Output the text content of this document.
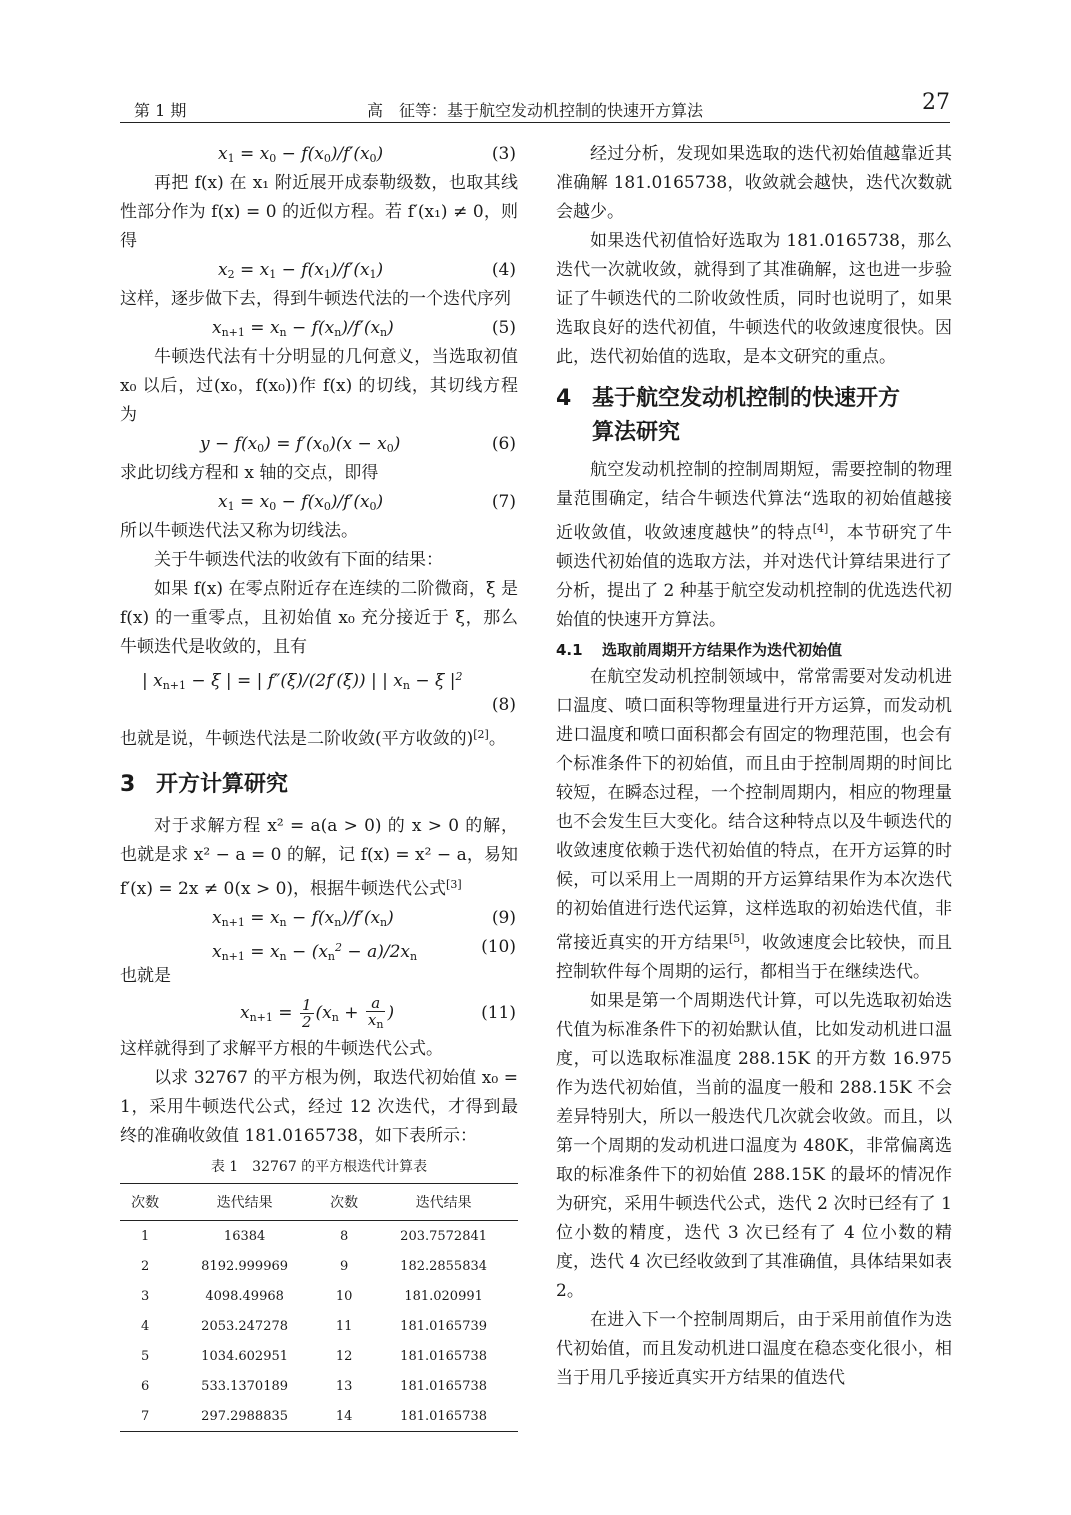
第 1 期	高　征等：基于航空发动机控制的快速开方算法	27
$x_1 = x_0 - f(x_0)/f'(x_0)$	(3)

再把 f(x) 在 x₁ 附近展开成泰勒级数，也取其线性部分作为 f(x) = 0 的近似方程。若 f′(x₁) ≠ 0，则得

$x_2 = x_1 - f(x_1)/f'(x_1)$	(4)

这样，逐步做下去，得到牛顿迭代法的一个迭代序列

$x_{n+1} = x_n - f(x_n)/f'(x_n)$	(5)

牛顿迭代法有十分明显的几何意义，当选取初值 x₀ 以后，过(x₀，f(x₀))作 f(x) 的切线，其切线方程为

$y - f(x_0) = f'(x_0)(x - x_0)$	(6)

求此切线方程和 x 轴的交点，即得

$x_1 = x_0 - f(x_0)/f'(x_0)$	(7)

所以牛顿迭代法又称为切线法。

关于牛顿迭代法的收敛有下面的结果：

如果 f(x) 在零点附近存在连续的二阶微商，ξ 是 f(x) 的一重零点，且初始值 x₀ 充分接近于 ξ，那么牛顿迭代是收敛的，且有

| $x_{n+1} - \xi$ | = | f″(ξ)/(2f′(ξ)) | | $x_n - \xi$ $|^2$
(8)

也就是说，牛顿迭代法是二阶收敛(平方收敛的)[2]。

3 开方计算研究

对于求解方程 x² = a(a > 0) 的 x > 0 的解，也就是求 x² − a = 0 的解，记 f(x) = x² − a，易知 f′(x) = 2x ≠ 0(x > 0)，根据牛顿迭代公式[3]

$x_{n+1} = x_n - f(x_n)/f'(x_n)$	(9)
$x_{n+1} = x_n - (x_n^2 - a)/2x_n$	(10)

也就是

$x_{n+1} = \frac{1}{2} (x_n + \frac{a}{x_n}$ )	(11)

这样就得到了求解平方根的牛顿迭代公式。

以求 32767 的平方根为例，取迭代初始值 x₀ = 1，采用牛顿迭代公式，经过 12 次迭代，才得到最终的准确收敛值 181.0165738，如下表所示：

表 1　32767 的平方根迭代计算表
次数	迭代结果	次数	迭代结果
1	16384	8	203.7572841
2	8192.999969	9	182.2855834
3	4098.49968	10	181.020991
4	2053.247278	11	181.0165739
5	1034.602951	12	181.0165738
6	533.1370189	13	181.0165738
7	297.2988835	14	181.0165738

经过分析，发现如果选取的迭代初始值越靠近其准确解 181.0165738，收敛就会越快，迭代次数就会越少。

如果迭代初值恰好选取为 181.0165738，那么迭代一次就收敛，就得到了其准确解，这也进一步验证了牛顿迭代的二阶收敛性质，同时也说明了，如果选取良好的迭代初值，牛顿迭代的收敛速度很快。因此，迭代初始值的选取，是本文研究的重点。

4 基于航空发动机控制的快速开方
算法研究

航空发动机控制的控制周期短，需要控制的物理量范围确定，结合牛顿迭代算法“选取的初始值越接近收敛值，收敛速度越快”的特点[4]，本节研究了牛顿迭代初始值的选取方法，并对迭代计算结果进行了分析，提出了 2 种基于航空发动机控制的优选迭代初始值的快速开方算法。

4.1 选取前周期开方结果作为迭代初始值

在航空发动机控制领域中，常常需要对发动机进口温度、喷口面积等物理量进行开方运算，而发动机进口温度和喷口面积都会有固定的物理范围，也会有个标准条件下的初始值，而且由于控制周期的时间比较短，在瞬态过程，一个控制周期内，相应的物理量也不会发生巨大变化。结合这种特点以及牛顿迭代的收敛速度依赖于迭代初始值的特点，在开方运算的时候，可以采用上一周期的开方运算结果作为本次迭代的初始值进行迭代运算，这样选取的初始迭代值，非常接近真实的开方结果[5]，收敛速度会比较快，而且控制软件每个周期的运行，都相当于在继续迭代。

如果是第一个周期迭代计算，可以先选取初始迭代值为标准条件下的初始默认值，比如发动机进口温度，可以选取标准温度 288.15K 的开方数 16.975 作为迭代初始值，当前的温度一般和 288.15K 不会差异特别大，所以一般迭代几次就会收敛。而且，以第一个周期的发动机进口温度为 480K，非常偏离选取的标准条件下的初始值 288.15K 的最坏的情况作为研究，采用牛顿迭代公式，迭代 2 次时已经有了 1 位小数的精度，迭代 3 次已经有了 4 位小数的精度，迭代 4 次已经收敛到了其准确值，具体结果如表 2。

在进入下一个控制周期后，由于采用前值作为迭代初始值，而且发动机进口温度在稳态变化很小，相当于用几乎接近真实开方结果的值迭代
